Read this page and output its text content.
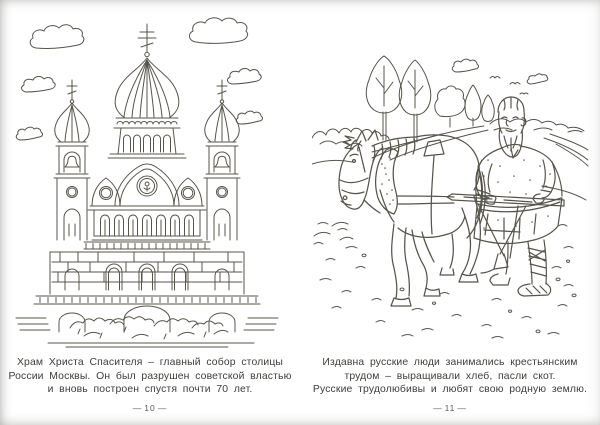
Храм Христа Спасителя – главный собор столицы
России Москвы. Он был разрушен советской властью
и вновь построен спустя почти 70 лет.
— 10 —
Издавна русские люди занимались крестьянским
трудом – выращивали хлеб, пасли скот.
Русские трудолюбивы и любят свою родную землю.
— 11 —
